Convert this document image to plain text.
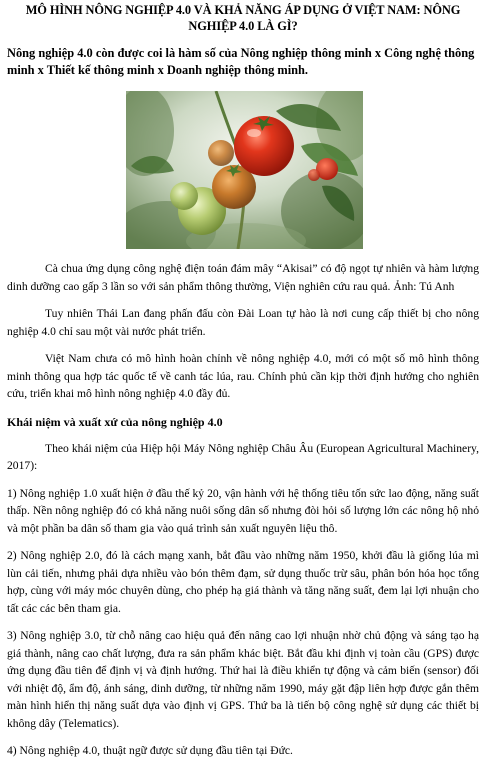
MÔ HÌNH NÔNG NGHIỆP 4.0 VÀ KHẢ NĂNG ÁP DỤNG Ở VIỆT NAM: NÔNG NGHIỆP 4.0 LÀ GÌ?

Nông nghiệp 4.0 còn được coi là hàm số của Nông nghiệp thông minh x Công nghệ thông minh x Thiết kế thông minh x Doanh nghiệp thông minh.

Cà chua ứng dụng công nghệ điện toán đám mây “Akisai” có độ ngọt tự nhiên và hàm lượng dinh dưỡng cao gấp 3 lần so với sản phẩm thông thường, Viện nghiên cứu rau quả. Ảnh: Tú Anh

Tuy nhiên Thái Lan đang phấn đấu còn Đài Loan tự hào là nơi cung cấp thiết bị cho nông nghiệp 4.0 chỉ sau một vài nước phát triển.

Việt Nam chưa có mô hình hoàn chỉnh về nông nghiệp 4.0, mới có một số mô hình thông minh thông qua hợp tác quốc tế về canh tác lúa, rau. Chính phủ cần kịp thời định hướng cho nghiên cứu, triển khai mô hình nông nghiệp 4.0 đầy đủ.

Khái niệm và xuất xứ của nông nghiệp 4.0

Theo khái niệm của Hiệp hội Máy Nông nghiệp Châu Âu (European Agricultural Machinery, 2017):

1) Nông nghiệp 1.0 xuất hiện ở đầu thế kỷ 20, vận hành với hệ thống tiêu tốn sức lao động, năng suất thấp. Nền nông nghiệp đó có khả năng nuôi sống dân số nhưng đòi hỏi số lượng lớn các nông hộ nhỏ và một phần ba dân số tham gia vào quá trình sản xuất nguyên liệu thô.

2) Nông nghiệp 2.0, đó là cách mạng xanh, bắt đầu vào những năm 1950, khởi đầu là giống lúa mì lùn cải tiến, nhưng phải dựa nhiều vào bón thêm đạm, sử dụng thuốc trừ sâu, phân bón hóa học tổng hợp, cùng với máy móc chuyên dùng, cho phép hạ giá thành và tăng năng suất, đem lại lợi nhuận cho tất các các bên tham gia.

3) Nông nghiệp 3.0, từ chỗ nâng cao hiệu quả đến nâng cao lợi nhuận nhờ chủ động và sáng tạo hạ giá thành, nâng cao chất lượng, đưa ra sản phẩm khác biệt. Bắt đầu khi định vị toàn cầu (GPS) được ứng dụng đầu tiên để định vị và định hướng. Thứ hai là điều khiển tự động và cảm biến (sensor) đối với nhiệt độ, ẩm độ, ánh sáng, dinh dưỡng, từ những năm 1990, máy gặt đập liên hợp được gắn thêm màn hình hiển thị năng suất dựa vào định vị GPS. Thứ ba là tiến bộ công nghệ sử dụng các thiết bị không dây (Telematics).

4) Nông nghiệp 4.0, thuật ngữ được sử dụng đầu tiên tại Đức.
